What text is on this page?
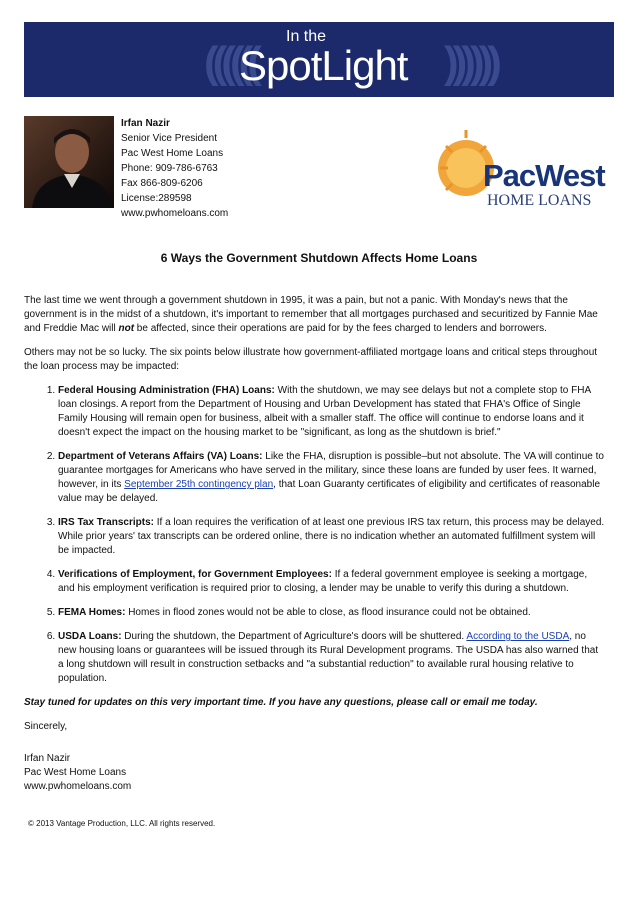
((((((	))))))
In the
SpotLight
Irfan Nazir
Senior Vice President
Pac West Home Loans
Phone: 909-786-6763
Fax 866-809-6206
License:289598
www.pwhomeloans.com
PacWest
HOME LOANS
6 Ways the Government Shutdown Affects Home Loans

The last time we went through a government shutdown in 1995, it was a pain, but not a panic. With Monday's news that the government is in the midst of a shutdown, it's important to remember that all mortgages purchased and securitized by Fannie Mae and Freddie Mac will not be affected, since their operations are paid for by the fees charged to lenders and borrowers.

Others may not be so lucky. The six points below illustrate how government-affiliated mortgage loans and critical steps throughout the loan process may be impacted:

1. Federal Housing Administration (FHA) Loans: With the shutdown, we may see delays but not a complete stop to FHA loan closings. A report from the Department of Housing and Urban Development has stated that FHA's Office of Single Family Housing will remain open for business, albeit with a smaller staff. The office will continue to endorse loans and it doesn't expect the impact on the housing market to be "significant, as long as the shutdown is brief."
2. Department of Veterans Affairs (VA) Loans: Like the FHA, disruption is possible–but not absolute. The VA will continue to guarantee mortgages for Americans who have served in the military, since these loans are funded by user fees. It warned, however, in its September 25th contingency plan, that Loan Guaranty certificates of eligibility and certificates of reasonable value may be delayed.
3. IRS Tax Transcripts: If a loan requires the verification of at least one previous IRS tax return, this process may be delayed. While prior years' tax transcripts can be ordered online, there is no indication whether an automated fulfillment system will be impacted.
4. Verifications of Employment, for Government Employees: If a federal government employee is seeking a mortgage, and his employment verification is required prior to closing, a lender may be unable to verify this during a shutdown.
5. FEMA Homes: Homes in flood zones would not be able to close, as flood insurance could not be obtained.
6. USDA Loans: During the shutdown, the Department of Agriculture's doors will be shuttered. According to the USDA, no new housing loans or guarantees will be issued through its Rural Development programs. The USDA has also warned that a long shutdown will result in construction setbacks and "a substantial reduction" to available rural housing relative to population.

Stay tuned for updates on this very important time. If you have any questions, please call or email me today.

Sincerely,

Irfan Nazir
Pac West Home Loans
www.pwhomeloans.com
© 2013 Vantage Production, LLC. All rights reserved.
